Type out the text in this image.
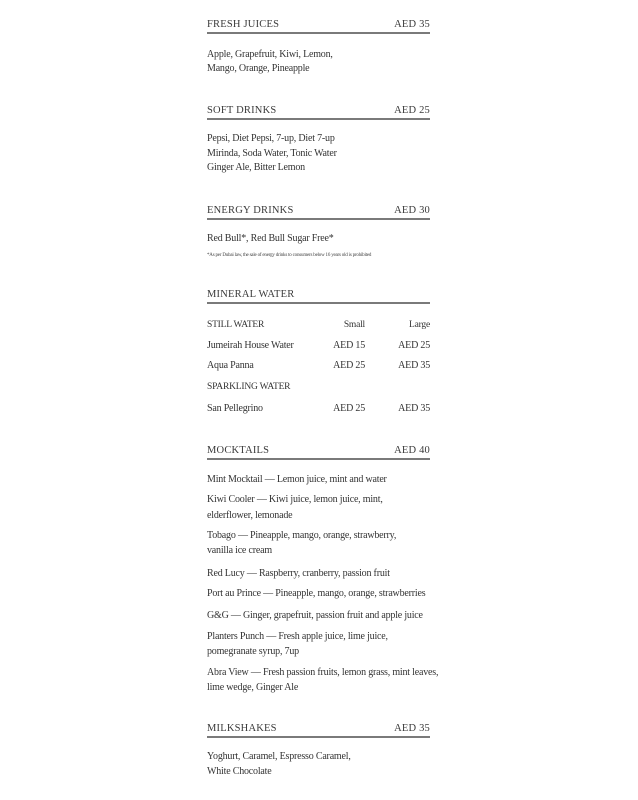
FRESH JUICES	AED 35
Apple, Grapefruit, Kiwi, Lemon,
Mango, Orange, Pineapple
SOFT DRINKS	AED 25
Pepsi, Diet Pepsi, 7-up, Diet 7-up
Mirinda, Soda Water, Tonic Water
Ginger Ale, Bitter Lemon
ENERGY DRINKS	AED 30
Red Bull*, Red Bull Sugar Free*
*As per Dubai law, the sale of energy drinks to consumers below 16 years old is prohibited
MINERAL WATER
STILL WATER	Small	Large
Jumeirah House Water	AED 15	AED 25
Aqua Panna	AED 25	AED 35
SPARKLING WATER
San Pellegrino	AED 25	AED 35
MOCKTAILS	AED 40
Mint Mocktail — Lemon juice, mint and water
Kiwi Cooler — Kiwi juice, lemon juice, mint,
elderflower, lemonade
Tobago — Pineapple, mango, orange, strawberry,
vanilla ice cream
Red Lucy — Raspberry, cranberry, passion fruit
Port au Prince — Pineapple, mango, orange, strawberries
G&G — Ginger, grapefruit, passion fruit and apple juice
Planters Punch — Fresh apple juice, lime juice,
pomegranate syrup, 7up
Abra View — Fresh passion fruits, lemon grass, mint leaves,
lime wedge, Ginger Ale
MILKSHAKES	AED 35
Yoghurt, Caramel, Espresso Caramel,
White Chocolate
